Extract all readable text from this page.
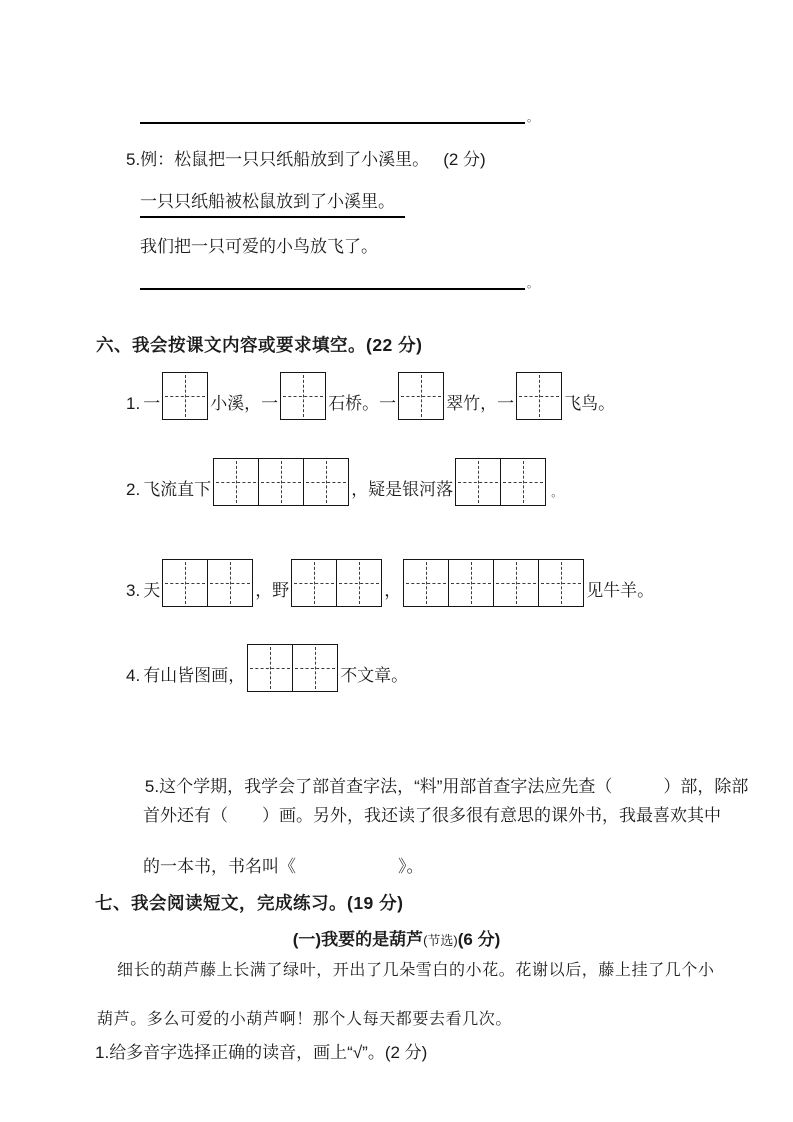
。
5.例：松鼠把一只只纸船放到了小溪里。 (2 分)
一只只纸船被松鼠放到了小溪里。
我们把一只可爱的小鸟放飞了。
。
六、我会按课文内容或要求填空。(22 分)
1. 一	小溪，一	石桥。一	翠竹，一	飞鸟。
2. 飞流直下	，疑是银河落	。
3. 天	，野	，	见牛羊。
4. 有山皆图画 ，	不文章。

5.这个学期，我学会了部首查字法，“料”用部首查字法应先查（　　　）部，除部

首外还有（　　）画。另外，我还读了很多很有意思的课外书，我最喜欢其中
的一本书，书名叫《　　　　　　》。
七、我会阅读短文，完成练习。(19 分)
(一)我要的是葫芦(节选)(6 分)
细长的葫芦藤上长满了绿叶，开出了几朵雪白的小花。花谢以后，藤上挂了几个小
葫芦。多么可爱的小葫芦啊！那个人每天都要去看几次。
1.给多音字选择正确的读音，画上“√”。(2 分)
